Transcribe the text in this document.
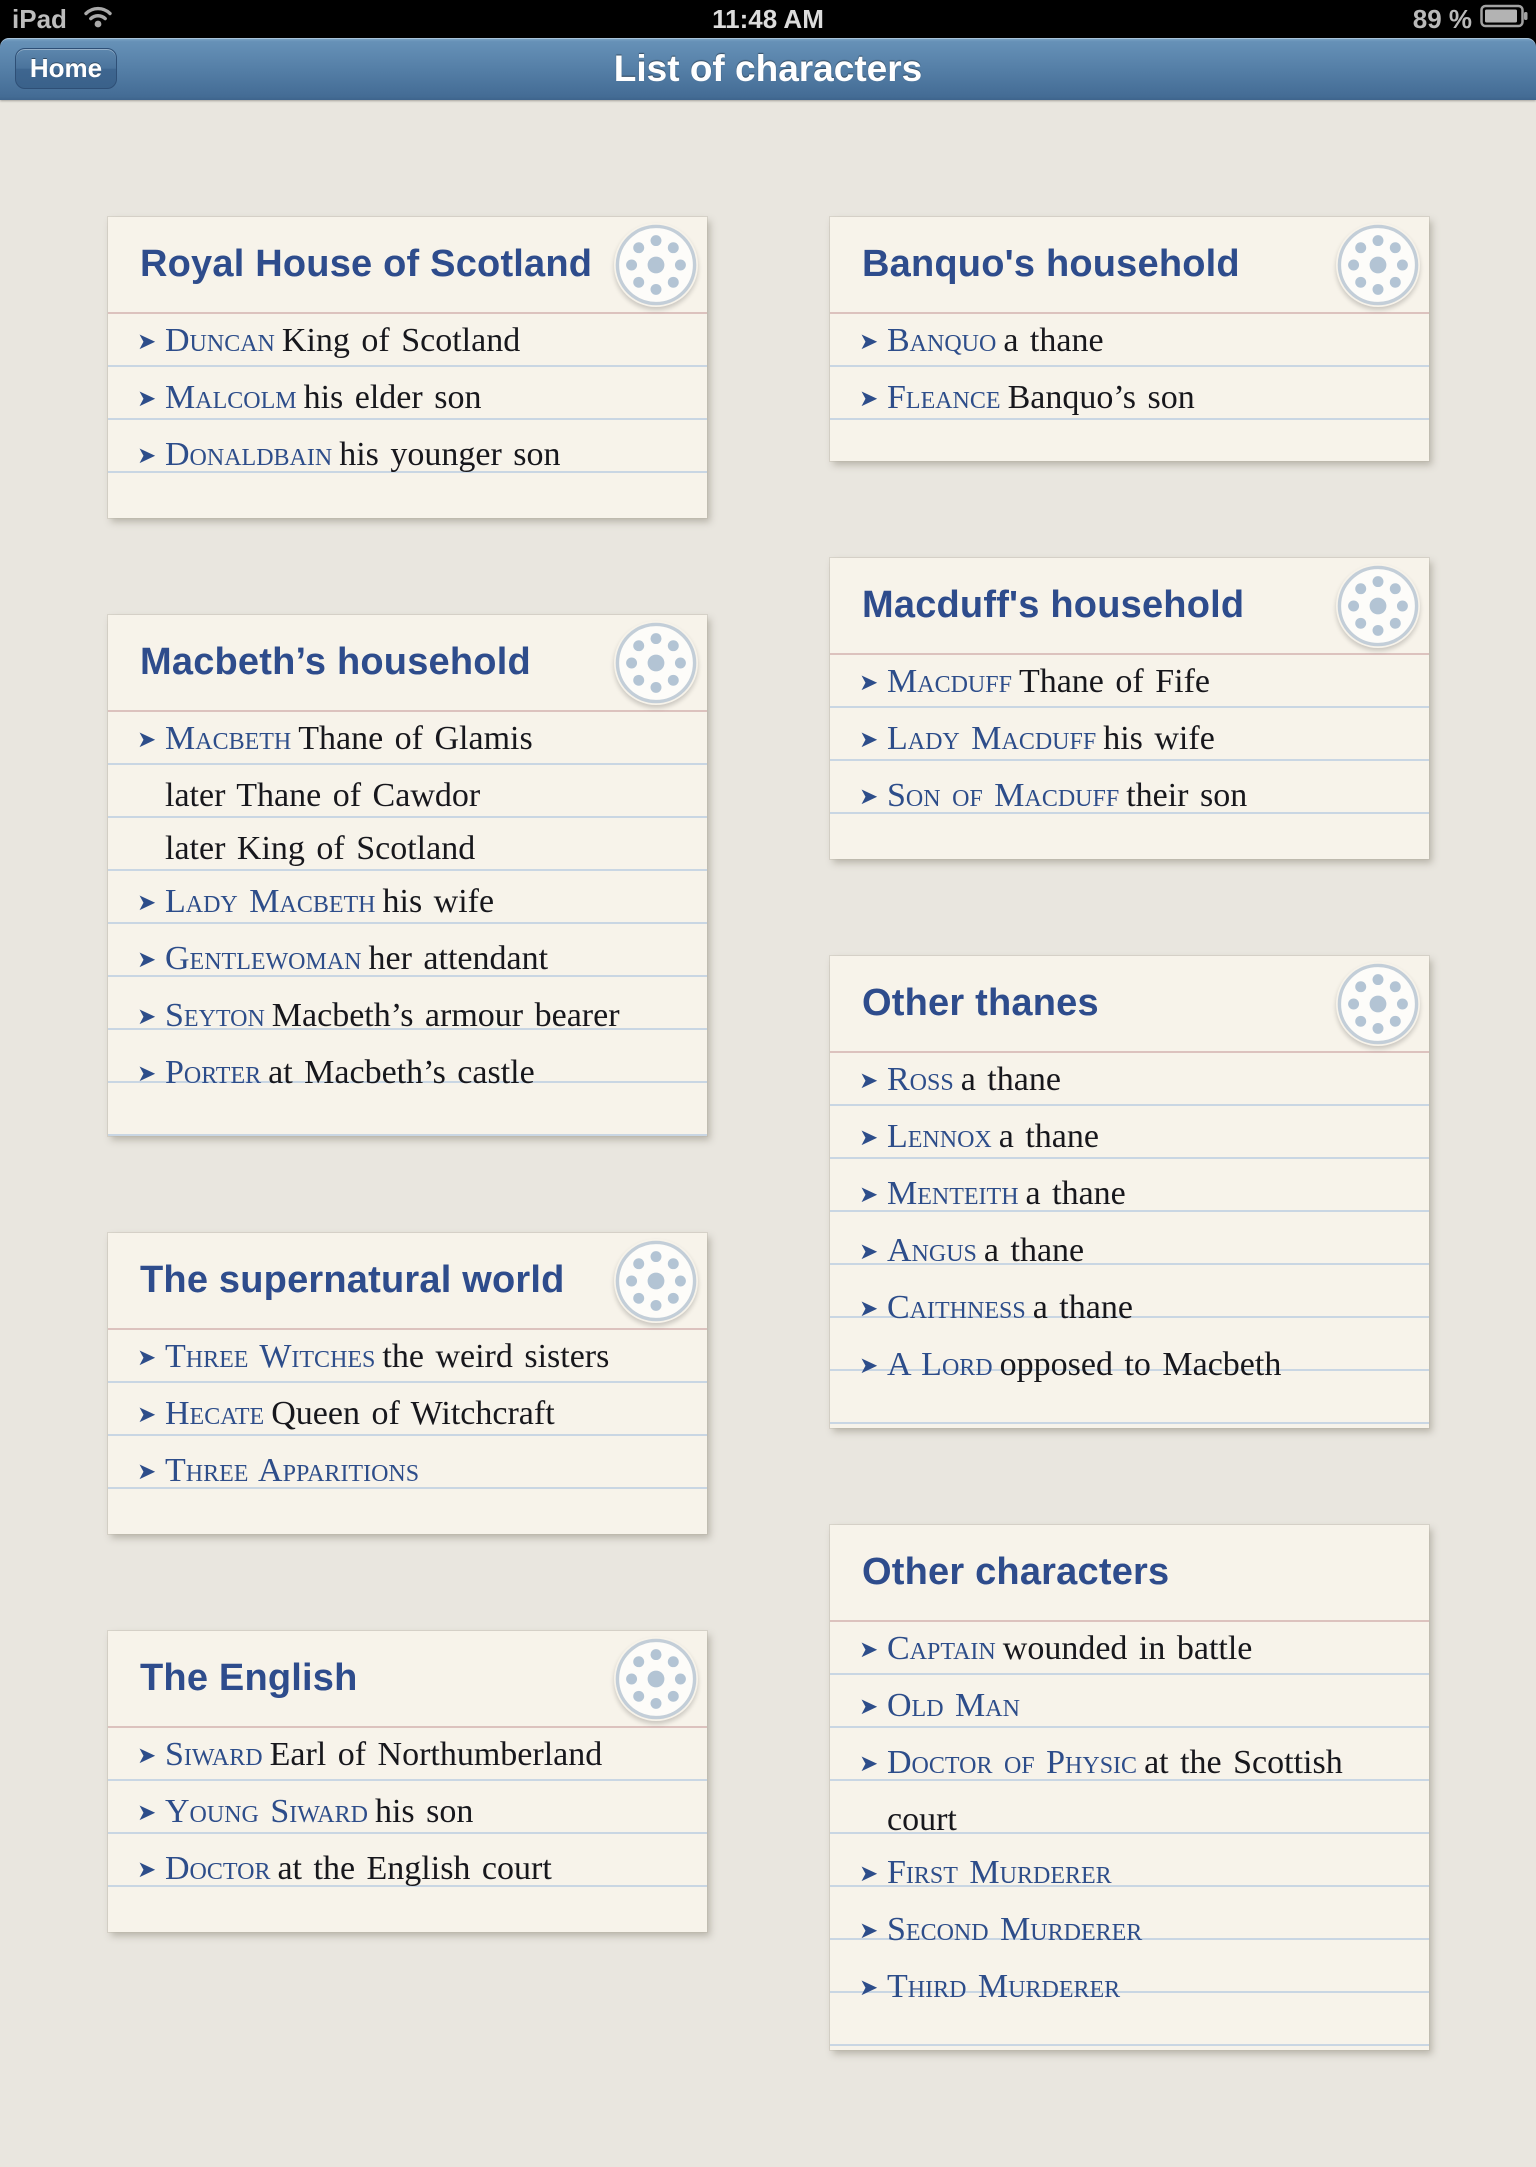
iPad	11:48 AM	89 %
Home	List of characters
Royal House of Scotland
➤ Duncan King of Scotland
➤ Malcolm his elder son
➤ Donaldbain his younger son
Macbeth’s household
➤ Macbeth Thane of Glamis
later Thane of Cawdor
later King of Scotland
➤ Lady Macbeth his wife
➤ Gentlewoman her attendant
➤ Seyton Macbeth’s armour bearer
➤ Porter at Macbeth’s castle
The supernatural world
➤ Three Witches the weird sisters
➤ Hecate Queen of Witchcraft
➤ Three Apparitions
The English
➤ Siward Earl of Northumberland
➤ Young Siward his son
➤ Doctor at the English court
Banquo's household
➤ Banquo a thane
➤ Fleance Banquo’s son
Macduff's household
➤ Macduff Thane of Fife
➤ Lady Macduff his wife
➤ Son of Macduff their son
Other thanes
➤ Ross a thane
➤ Lennox a thane
➤ Menteith a thane
➤ Angus a thane
➤ Caithness a thane
➤ A Lord opposed to Macbeth
Other characters
➤ Captain wounded in battle
➤ Old Man
➤ Doctor of Physic at the Scottish court
➤ First Murderer
➤ Second Murderer
➤ Third Murderer
